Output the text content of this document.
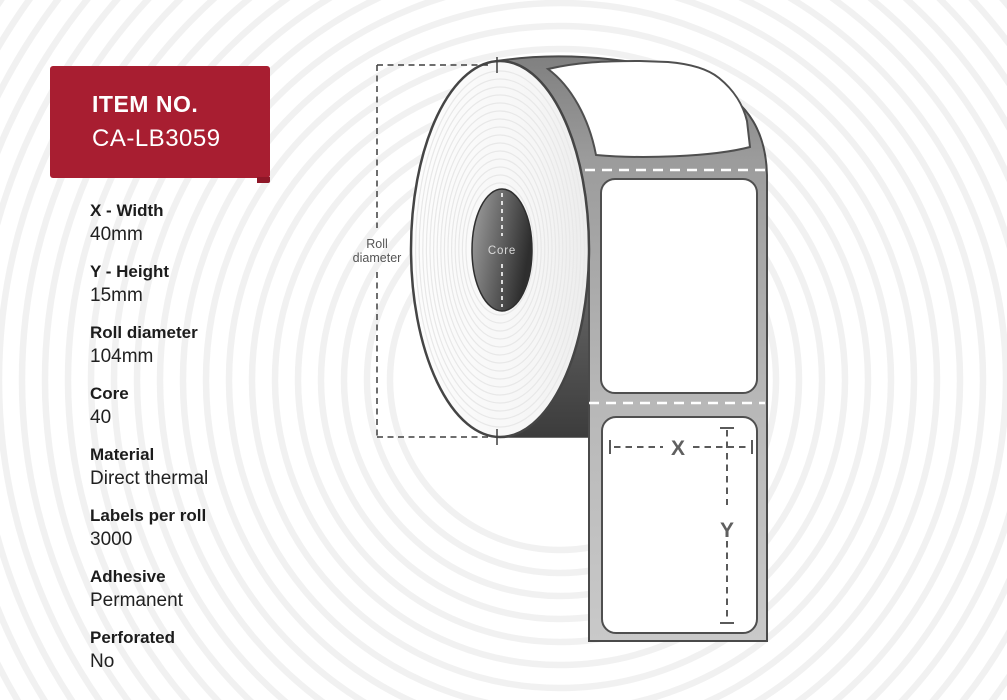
ITEM NO.
CA-LB3059
X - Width
40mm
Y - Height
15mm
Roll diameter
104mm
Core
40
Material
Direct thermal
Labels per roll
3000
Adhesive
Permanent
Perforated
No
Core
Roll
diameter
X
Y
